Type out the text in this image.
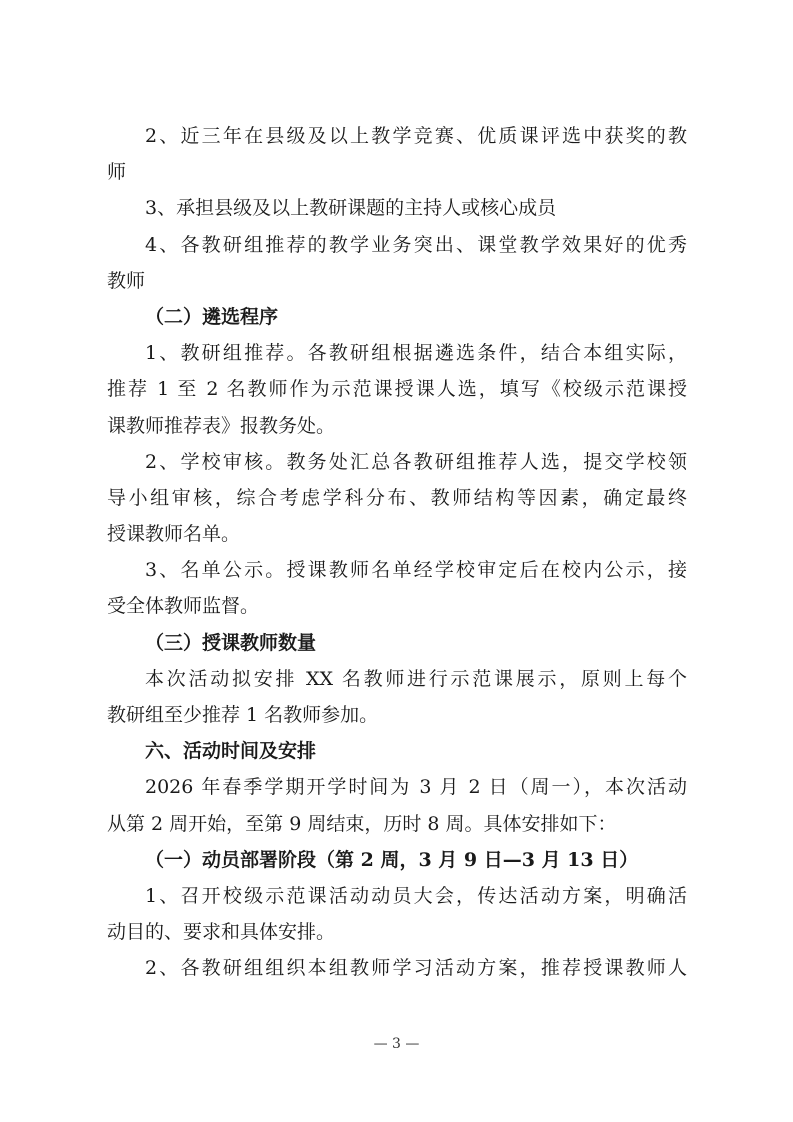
2、近三年在县级及以上教学竞赛、优质课评选中获奖的教
师
3、承担县级及以上教研课题的主持人或核心成员
4、各教研组推荐的教学业务突出、课堂教学效果好的优秀
教师
（二）遴选程序
1、教研组推荐。各教研组根据遴选条件，结合本组实际，
推荐 1 至 2 名教师作为示范课授课人选，填写《校级示范课授
课教师推荐表》报教务处。
2、学校审核。教务处汇总各教研组推荐人选，提交学校领
导小组审核，综合考虑学科分布、教师结构等因素，确定最终
授课教师名单。
3、名单公示。授课教师名单经学校审定后在校内公示，接
受全体教师监督。
（三）授课教师数量
本次活动拟安排 XX 名教师进行示范课展示，原则上每个
教研组至少推荐 1 名教师参加。
六、活动时间及安排
2026 年春季学期开学时间为 3 月 2 日（周一），本次活动
从第 2 周开始，至第 9 周结束，历时 8 周。具体安排如下：
（一）动员部署阶段（第 2 周，3 月 9 日—3 月 13 日）
1、召开校级示范课活动动员大会，传达活动方案，明确活
动目的、要求和具体安排。
2、各教研组组织本组教师学习活动方案，推荐授课教师人
— 3 —
